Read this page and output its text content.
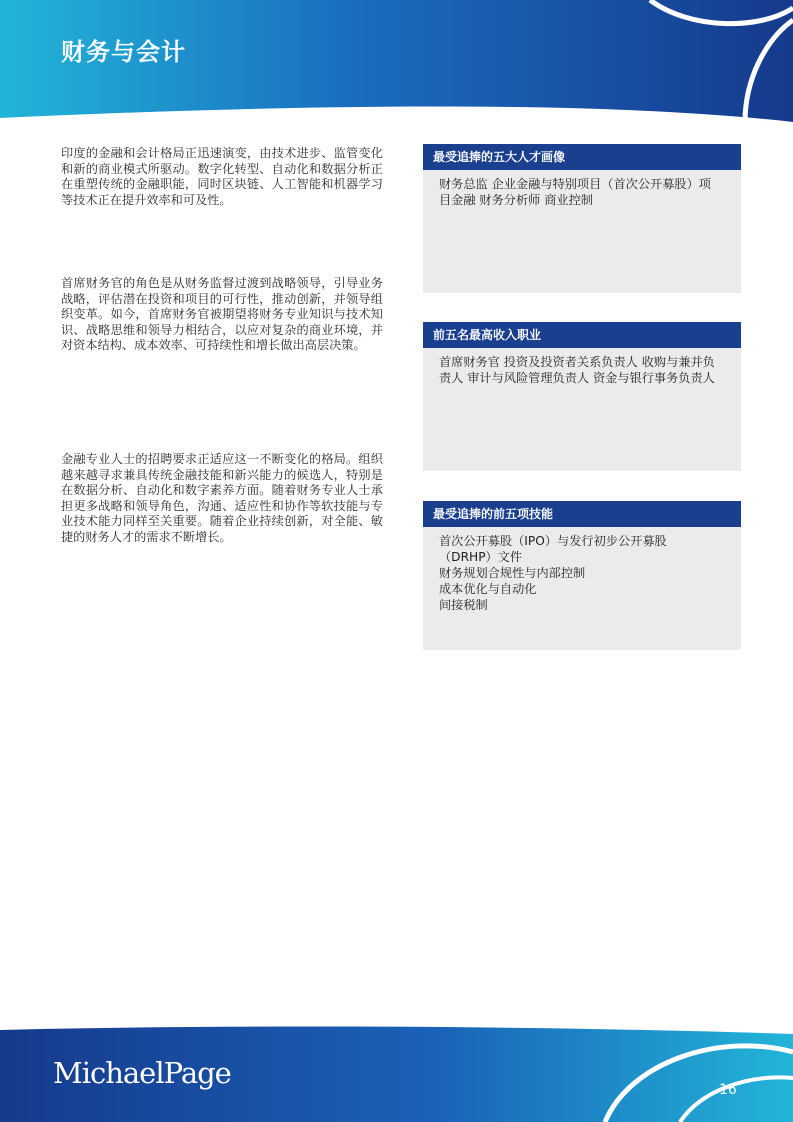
财务与会计
印度的金融和会计格局正迅速演变，由技术进步、监管变化和新的商业模式所驱动。数字化转型、自动化和数据分析正在重塑传统的金融职能，同时区块链、人工智能和机器学习等技术正在提升效率和可及性。
首席财务官的角色是从财务监督过渡到战略领导，引导业务战略，评估潜在投资和项目的可行性，推动创新，并领导组织变革。如今，首席财务官被期望将财务专业知识与技术知识、战略思维和领导力相结合，以应对复杂的商业环境，并对资本结构、成本效率、可持续性和增长做出高层决策。
金融专业人士的招聘要求正适应这一不断变化的格局。组织越来越寻求兼具传统金融技能和新兴能力的候选人，特别是在数据分析、自动化和数字素养方面。随着财务专业人士承担更多战略和领导角色，沟通、适应性和协作等软技能与专业技术能力同样至关重要。随着企业持续创新，对全能、敏捷的财务人才的需求不断增长。
最受追捧的五大人才画像
财务总监 企业金融与特别项目（首次公开募股）项目金融 财务分析师 商业控制
前五名最高收入职业
首席财务官 投资及投资者关系负责人 收购与兼并负责人 审计与风险管理负责人 资金与银行事务负责人
最受追捧的前五项技能
首次公开募股（IPO）与发行初步公开募股（DRHP）文件
财务规划合规性与内部控制
成本优化与自动化
间接税制
MichaelPage	16
